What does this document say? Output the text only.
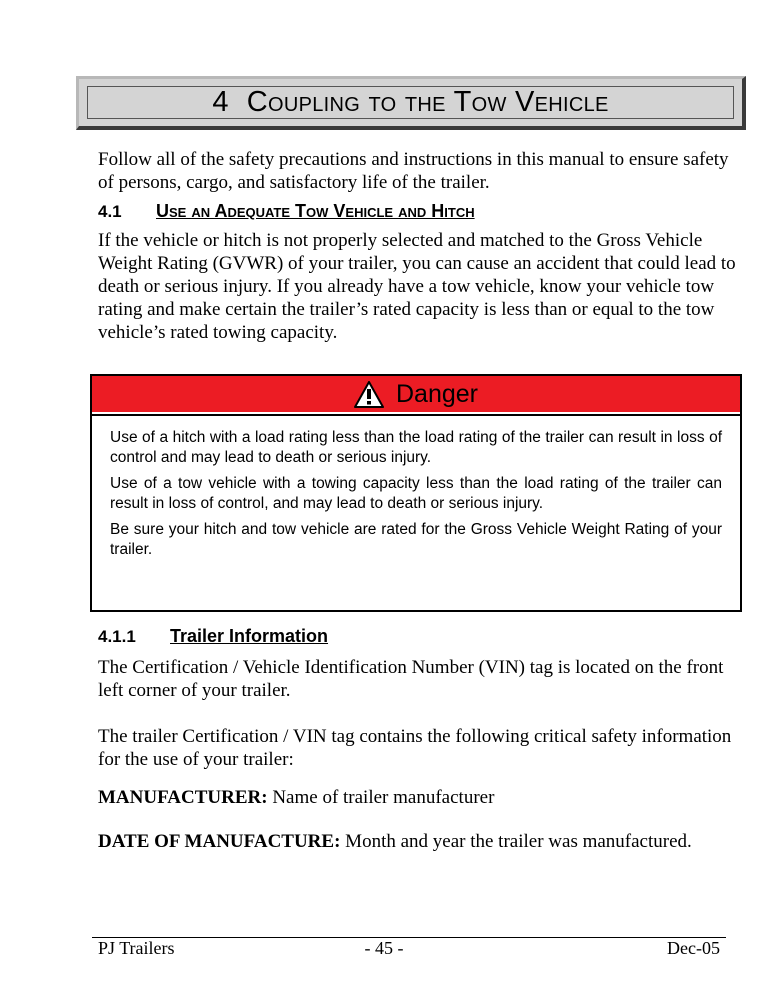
4 Coupling to the Tow Vehicle

Follow all of the safety precautions and instructions in this manual to ensure safety of persons, cargo, and satisfactory life of the trailer.

4.1 Use an Adequate Tow Vehicle and Hitch

If the vehicle or hitch is not properly selected and matched to the Gross Vehicle Weight Rating (GVWR) of your trailer, you can cause an accident that could lead to death or serious injury. If you already have a tow vehicle, know your vehicle tow rating and make certain the trailer’s rated capacity is less than or equal to the tow vehicle’s rated towing capacity.

Danger

Use of a hitch with a load rating less than the load rating of the trailer can result in loss of control and may lead to death or serious injury.

Use of a tow vehicle with a towing capacity less than the load rating of the trailer can result in loss of control, and may lead to death or serious injury.

Be sure your hitch and tow vehicle are rated for the Gross Vehicle Weight Rating of your trailer.

4.1.1 Trailer Information

The Certification / Vehicle Identification Number (VIN) tag is located on the front left corner of your trailer.

The trailer Certification / VIN tag contains the following critical safety information for the use of your trailer:

MANUFACTURER: Name of trailer manufacturer

DATE OF MANUFACTURE: Month and year the trailer was manufactured.

PJ Trailers	- 45 -	Dec-05
